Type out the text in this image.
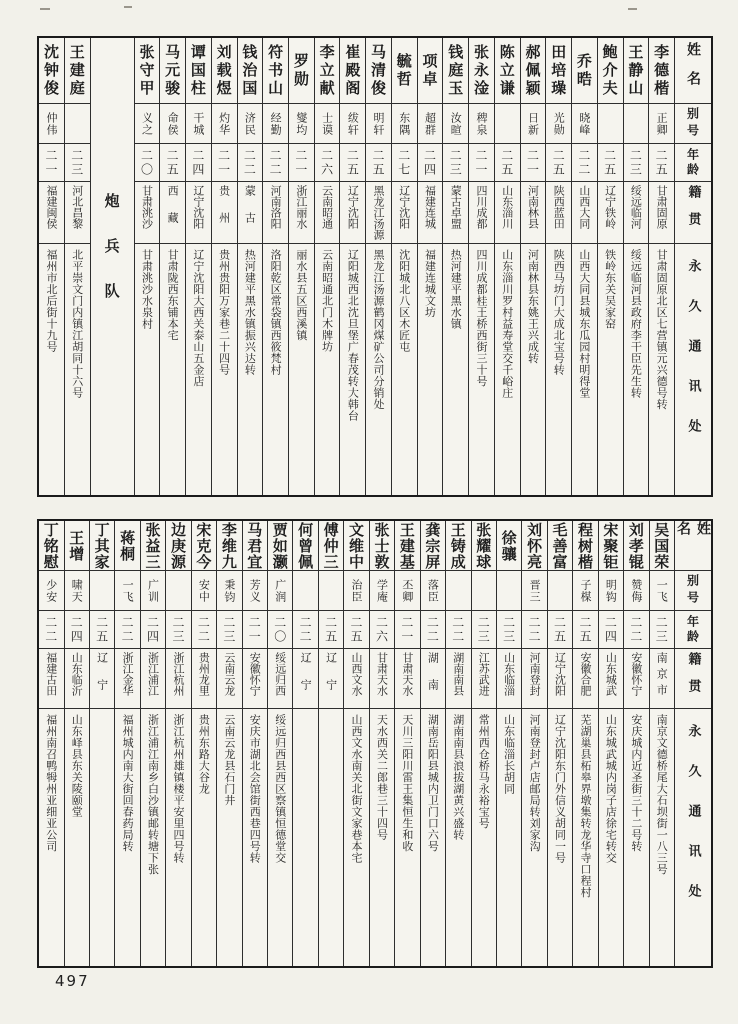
姓名
别号
年龄
籍贯
永久通讯处
李德楷
正卿
二五
甘肃固原
甘肃固原北区七营镇元兴德号转
王静山
二三
绥远临河
绥远临河县政府李干臣先生转
鲍介夫
二五
辽宁铁岭
铁岭东关吴家窑
乔晧
晓峰
二二
山西大同
山西大同县城东瓜园村明得堂
田培璪
光勋
二五
陕西蓝田
陕西马坊门大成北宝号转
郝佩颖
日新
二一
河南林县
河南林县东姚王兴成转
陈立谦
二五
山东淄川
山东淄川罗村益寿堂交千峪庄
张永淦
稗泉
二一
四川成都
四川成都桂王桥西街三十号
钱庭玉
汝暄
二三
蒙古卓盟
热河建平黑水镇
项卓
超群
二四
福建连城
福建连城文坊
毓哲
东隅
二七
辽宁沈阳
沈阳城北八区木匠屯
马清俊
明轩
二五
黑龙江汤源
黑龙江汤源鹤冈煤矿公司分销处
崔殿阁
绂轩
二五
辽宁沈阳
辽阳城西北沈旦堡广春茂转大韩台
李立献
士谟
二六
云南昭通
云南昭通北门木牌坊
罗勋
燮均
二一
浙江丽水
丽水县五区西溪镇
符书山
经勤
二二
河南洛阳
洛阳乾区常袋镇西筱梵村
钱治国
济民
二二
蒙古
热河建平黑水镇振兴达转
刘载煜
灼华
二一
贵州
贵州贵阳万家巷二十四号
谭国柱
干城
二四
辽宁沈阳
辽宁沈阳大西关泰山五金店
马元骏
命侯
二五
西藏
甘肃陇西东铺本宅
张守甲
义之
二〇
甘肃洮沙
甘肃洮沙水泉村
炮兵队
王建庭
二三
河北昌黎
北平崇文门内镇江胡同十六号
沈钟俊
仲伟
二一
福建闽侯
福州市北后街十九号
姓名
别号
年龄
籍贯
永久通讯处
吴国荣
一飞
二三
南京市
南京文德桥尾大石坝街一八三号
刘孝锟
赞侮
二二
安徽怀宁
安庆城内近圣街三十二号转
宋聚钜
明钩
二四
山东城武
山东城武城内岗子店徐宅转交
程树楷
子楳
二五
安徽合肥
芜湖巢县柘皋界墩集转龙华寺口程村
毛善富
二五
辽宁沈阳
辽宁沈阳东门外信义胡同一号
刘怀亮
晋三
二二
河南登封
河南登封卢店邮局转刘家沟
徐骧
二三
山东临淄
山东临淄长胡同
张耀球
二三
江苏武进
常州西仓桥马永裕宝号
王铸成
二二
湖南南县
湖南南县浪拔湖黄兴盛转
龚宗屏
落臣
二二
湖南
湖南岳阳县城内卫门口六号
王建基
丕卿
二一
甘肃天水
天川三阳川雷王集恒生和收
张士敦
学庵
二六
甘肃天水
天水西关二郎巷三十四号
文维中
治臣
二五
山西文水
山西文水南关北街文家巷本宅
傅仲三
二五
辽宁
何曾佩
二二
辽宁
贾如灏
广润
二〇
绥远归西
绥远归西县西区察镇恒德堂交
马君宜
芳义
二一
安徽怀宁
安庆市湖北会馆街西巷四号转
李维九
秉钧
二三
云南云龙
云南云龙县石门井
宋克今
安中
二二
贵州龙里
贵州东路大谷龙
边庚源
二三
浙江杭州
浙江杭州雄镇楼平安里四号转
张益三
广训
二四
浙江浦江
浙江浦江南乡白沙镇邮转塘下张
蒋桐
一飞
二二
浙江金华
福州城内南大街回春药局转
丁其家
二五
辽宁
王增
啸天
二四
山东临沂
山东峄县东关陵颐堂
丁铭慰
少安
二二
福建古田
福州南召鸭牳州亚细亚公司
497
